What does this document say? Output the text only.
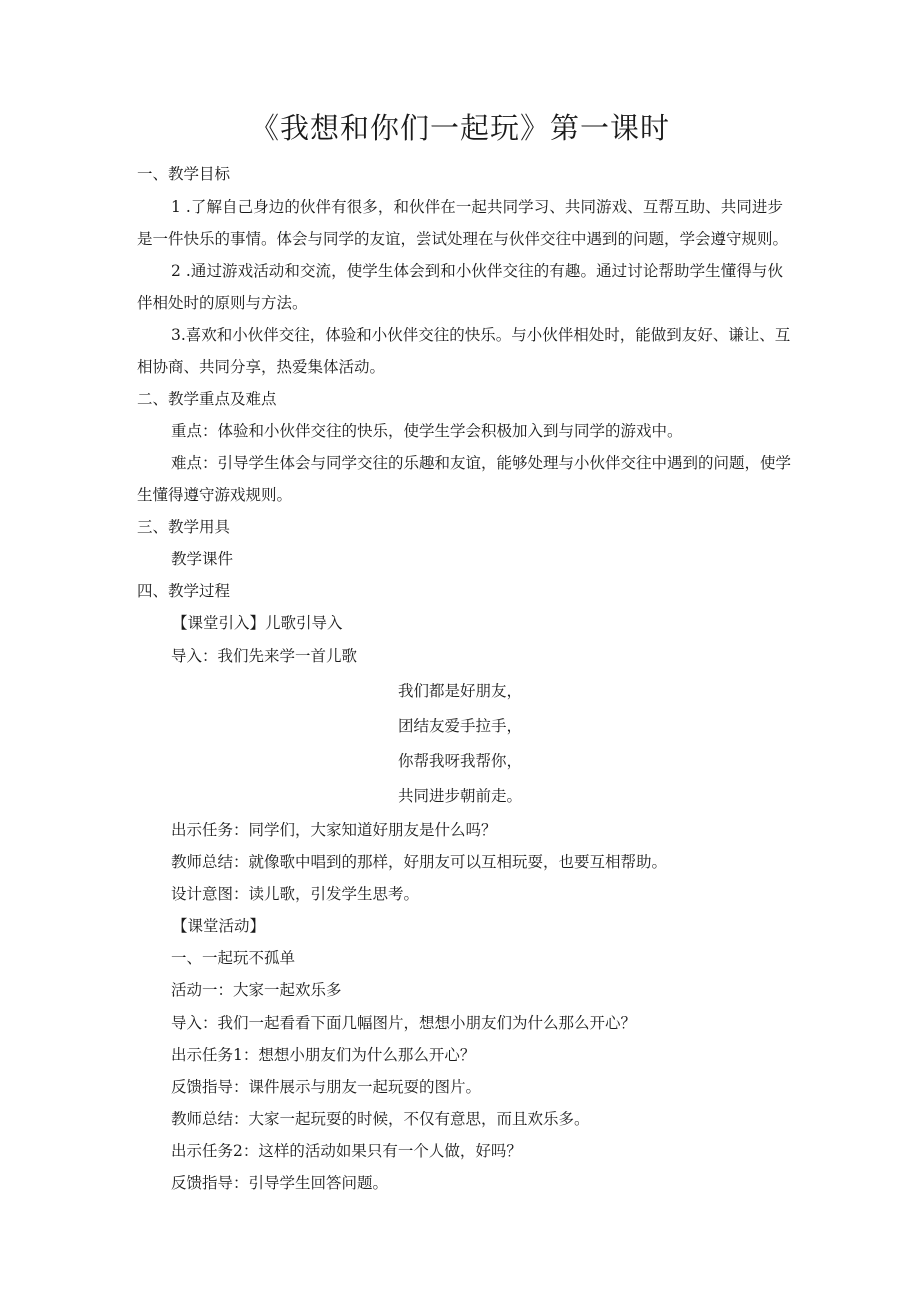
《我想和你们一起玩》第一课时
一、教学目标
1 .了解自己身边的伙伴有很多，和伙伴在一起共同学习、共同游戏、互帮互助、共同进步
是一件快乐的事情。体会与同学的友谊，尝试处理在与伙伴交往中遇到的问题，学会遵守规则。
2 .通过游戏活动和交流，使学生体会到和小伙伴交往的有趣。通过讨论帮助学生懂得与伙
伴相处时的原则与方法。
3.喜欢和小伙伴交往，体验和小伙伴交往的快乐。与小伙伴相处时，能做到友好、谦让、互
相协商、共同分享，热爱集体活动。
二、教学重点及难点
重点：体验和小伙伴交往的快乐，使学生学会积极加入到与同学的游戏中。
难点：引导学生体会与同学交往的乐趣和友谊，能够处理与小伙伴交往中遇到的问题，使学
生懂得遵守游戏规则。
三、教学用具
教学课件
四、教学过程
【课堂引入】儿歌引导入
导入：我们先来学一首儿歌
我们都是好朋友，
团结友爱手拉手，
你帮我呀我帮你，
共同进步朝前走。
出示任务：同学们，大家知道好朋友是什么吗？
教师总结：就像歌中唱到的那样，好朋友可以互相玩耍，也要互相帮助。
设计意图：读儿歌，引发学生思考。
【课堂活动】
一、一起玩不孤单
活动一：大家一起欢乐多
导入：我们一起看看下面几幅图片，想想小朋友们为什么那么开心？
出示任务1：想想小朋友们为什么那么开心？
反馈指导：课件展示与朋友一起玩耍的图片。
教师总结：大家一起玩耍的时候，不仅有意思，而且欢乐多。
出示任务2：这样的活动如果只有一个人做，好吗？
反馈指导：引导学生回答问题。
